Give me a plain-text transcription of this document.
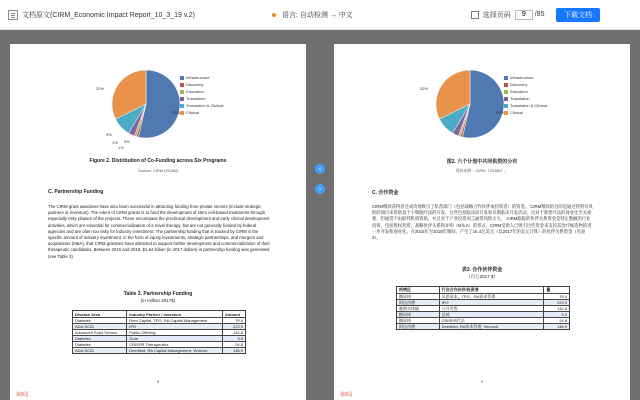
文档原文(CIRM_Economic Impact Report_10_3_19 v.2)	语言: 自动检测 → 中文	选择页码
9	/85	下载文档
Infrastructure
Discovery
Education
Translation
Translation & Clinical
Clinical
32%
53%
9%
1%
1%
3%
Figure 2. Distribution of Co-Funding across Six Programs
Source: CIRM (2018b)
C. Partnership Funding
The CIRM grant awardees have also been successful in attracting funding from private sectors (include strategic partners or investors). The intent of CIRM grants is to fund the development of stem cell-based treatments through especially risky phases of the projects. These encompass the preclinical development and early clinical development activities, which are essential for commercialization of a novel therapy, but are not generally funded by federal agencies and are often too risky for industry investment. The partnership funding that is tracked by CIRM is the specific amount of industry investment, in the form of equity investments, strategic partnerships, and mergers and acquisitions (M&A), that CIRM grantees have attracted to support further development and commercialization of their therapeutic candidates. Between 2015 and 2018, $1.64 billion (in 2017 dollars) in partnership funding was generated (see Table 3).
Table 3. Partnership Funding
(in million 2017$)
Disease Area	Industry Partner / Investors	Amount
Diabetes	Rom Capital, TPG, RA Capital Management	79.4
ADA-SCID	IPO	223.9
Advanced Solid Tumors	Public Offering	142.8
Diabetes	Gore	9.9
Diabetes	CRISPR Therapeutics	24.8
ADA-SCID	Deerfield, RA Capital Management, Venrock	148.9
5
第9页
‹
›
Infrastructure
Discovery
Education
Translation
Translation & Clinical
Clinical
32%
53%
图2. 六个计划中共同供资的分布
资料来源：CIRM（2018b）。
C. 合作资金
CIRM赠款获得者还成功地吸引了私营部门（包括战略合作伙伴或投资者）的资金。 CIRM赠款的目的是通过特别有风险的项目来资助基于干细胞疗法的开发。这些包括临床前开发和早期临床开发活动，这对于新型疗法的商业化至关重要，但通常不由联邦机构资助，并且对于产业投资而言通常风险太大。 CIRM跟踪的伙伴关系资金是特定数额的行业投资，包括股权投资，战略伙伴关系和并购（M＆A）的形式，CIRM受助人已吸引这些资金来支持其治疗候选物的进一步开发和商业化。在2015年至2018年期间，产生了16.4亿美元（以2017年的美元计算）的伙伴关系资金（见表3）。
表3. 合作伙伴资金
（百万2017 $）
疾病区	行业合作伙伴/投资者	量
糖尿病	贝恩资本，TPG，RA资本管理	79.4
阿达西德	IPO	223.9
晚期实体瘤	公开发售	142.8
糖尿病	总统	9.9
糖尿病	CRISPR疗法	24.8
阿达西德	Deerfield, RA资本管理, Venrock	148.9
9
第9页
